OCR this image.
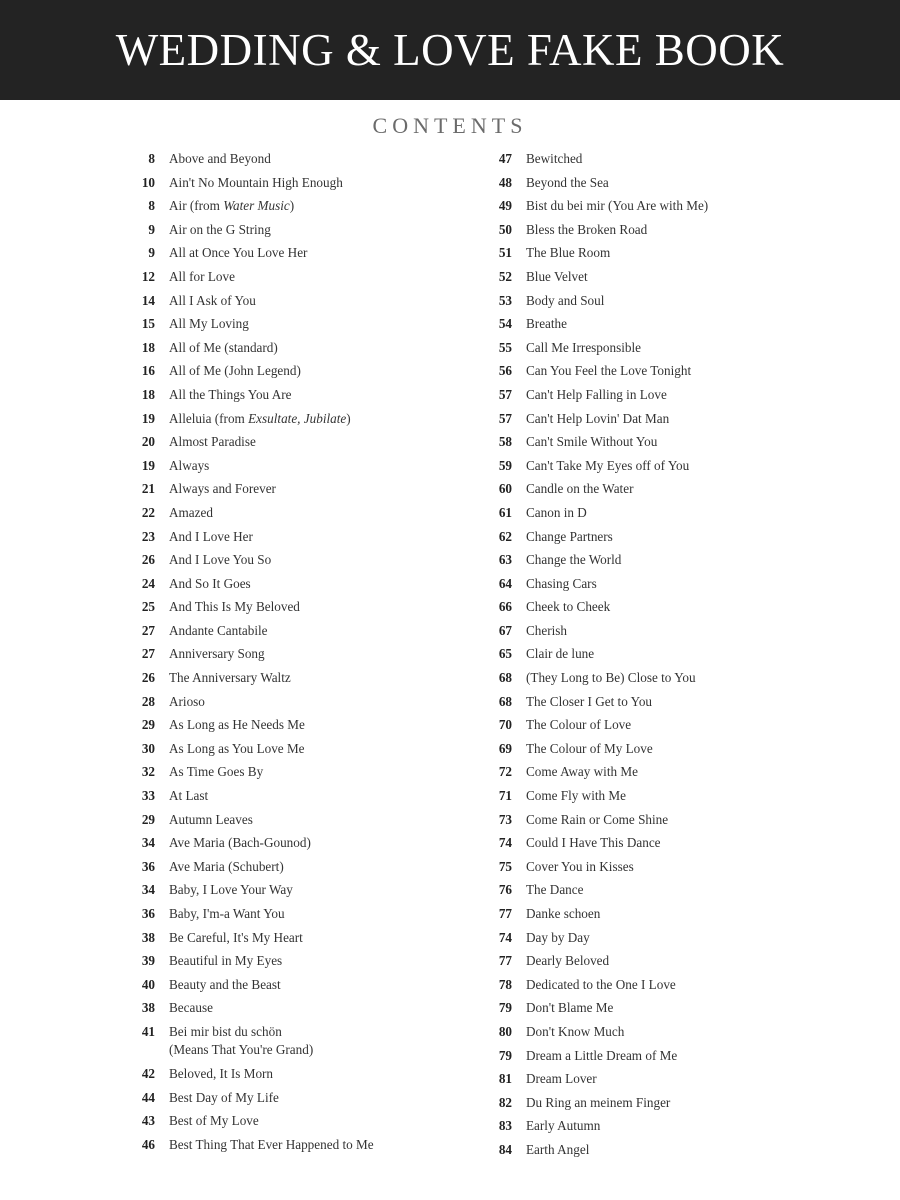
WEDDING & LOVE FAKE BOOK
CONTENTS
8	Above and Beyond
10	Ain't No Mountain High Enough
8	Air (from Water Music)
9	Air on the G String
9	All at Once You Love Her
12	All for Love
14	All I Ask of You
15	All My Loving
18	All of Me (standard)
16	All of Me (John Legend)
18	All the Things You Are
19	Alleluia (from Exsultate, Jubilate)
20	Almost Paradise
19	Always
21	Always and Forever
22	Amazed
23	And I Love Her
26	And I Love You So
24	And So It Goes
25	And This Is My Beloved
27	Andante Cantabile
27	Anniversary Song
26	The Anniversary Waltz
28	Arioso
29	As Long as He Needs Me
30	As Long as You Love Me
32	As Time Goes By
33	At Last
29	Autumn Leaves
34	Ave Maria (Bach-Gounod)
36	Ave Maria (Schubert)
34	Baby, I Love Your Way
36	Baby, I'm-a Want You
38	Be Careful, It's My Heart
39	Beautiful in My Eyes
40	Beauty and the Beast
38	Because
41	Bei mir bist du schön
(Means That You're Grand)
42	Beloved, It Is Morn
44	Best Day of My Life
43	Best of My Love
46	Best Thing That Ever Happened to Me
47	Bewitched
48	Beyond the Sea
49	Bist du bei mir (You Are with Me)
50	Bless the Broken Road
51	The Blue Room
52	Blue Velvet
53	Body and Soul
54	Breathe
55	Call Me Irresponsible
56	Can You Feel the Love Tonight
57	Can't Help Falling in Love
57	Can't Help Lovin' Dat Man
58	Can't Smile Without You
59	Can't Take My Eyes off of You
60	Candle on the Water
61	Canon in D
62	Change Partners
63	Change the World
64	Chasing Cars
66	Cheek to Cheek
67	Cherish
65	Clair de lune
68	(They Long to Be) Close to You
68	The Closer I Get to You
70	The Colour of Love
69	The Colour of My Love
72	Come Away with Me
71	Come Fly with Me
73	Come Rain or Come Shine
74	Could I Have This Dance
75	Cover You in Kisses
76	The Dance
77	Danke schoen
74	Day by Day
77	Dearly Beloved
78	Dedicated to the One I Love
79	Don't Blame Me
80	Don't Know Much
79	Dream a Little Dream of Me
81	Dream Lover
82	Du Ring an meinem Finger
83	Early Autumn
84	Earth Angel
